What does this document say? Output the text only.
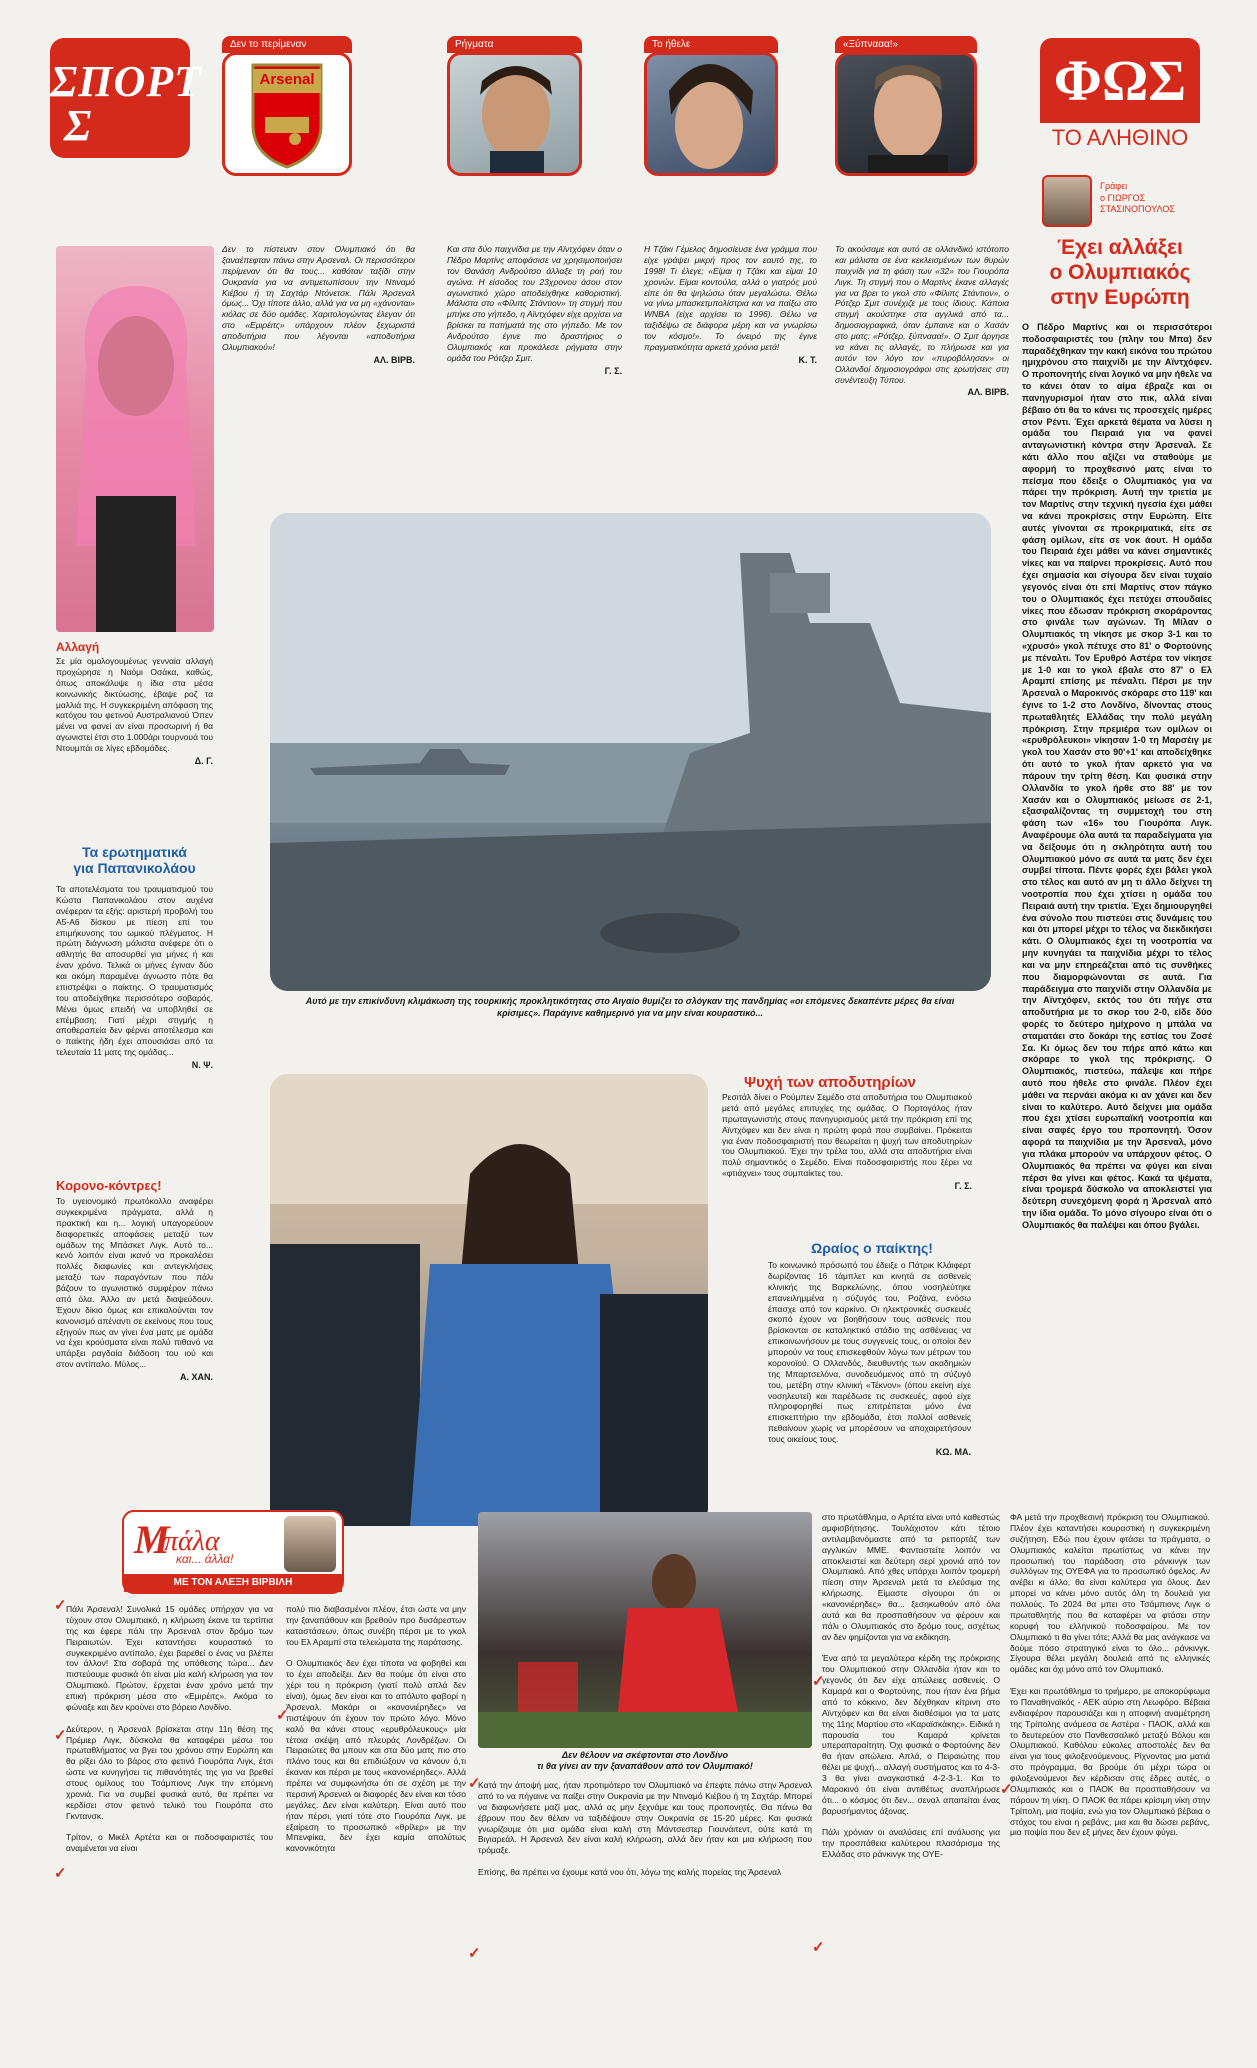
ΣΠΟΡΤ
Σ
Δεν το περίμεναν
Arsenal
Ρήγματα	Το ήθελε	«Ξύπνααα!»
ΦΩΣ
ΤΟ ΑΛΗΘΙΝΟ
Γράφει
ο ΓΙΩΡΓΟΣ
ΣΤΑΣΙΝΟΠΟΥΛΟΣ

Δεν το πίστευαν στον Ολυμπιακό ότι θα ξαναέπεφταν πάνω στην Αρσεναλ. Οι περισσότεροι περίμεναν ότι θα τους... καθόταν ταξίδι στην Ουκρανία για να αντιμετωπίσουν την Ντιναμό Κιέβου ή τη Σαχτάρ Ντόνετσκ. Πάλι Άρσεναλ όμως... Όχι τίποτε άλλο, αλλά για να μη «χάνονται» κιόλας σε δύο ομάδες. Χαριτολογώντας έλεγαν ότι στο «Εμιρέιτς» υπάρχουν πλέον ξεχωριστά αποδυτήρια που λέγονται «αποδυτήρια Ολυμπιακού»!

ΑΛ. ΒΙΡΒ.

Και στα δύο παιχνίδια με την Αϊντχόφεν όταν ο Πέδρο Μαρτίνς αποφάσισε να χρησιμοποιήσει τον Θανάση Ανδρούτσο άλλαξε τη ροή του αγώνα. Η είσοδος του 23χρονου άσου στον αγωνιστικό χώρο αποδείχθηκε καθοριστική. Μάλιστα στο «Φίλιπς Στάντιον» τη στιγμή που μπήκε στο γήπεδο, η Αϊντχόφεν είχε αρχίσει να βρίσκει τα πατήματά της στο γήπεδο. Με τον Ανδρούτσο έγινε πιο δραστήριος ο Ολυμπιακός και προκάλεσε ρήγματα στην ομάδα του Ρότζερ Σμιτ.

Γ. Σ.

Η Τζάκι Γέμελος δημοσίευσε ένα γράμμα που είχε γράψει μικρή προς τον εαυτό της, το 1998! Τι έλεγε; «Είμαι η Τζάκι και είμαι 10 χρονών. Είμαι κοντούλα, αλλά ο γιατρός μού είπε ότι θα ψηλώσω όταν μεγαλώσω. Θέλω να γίνω μπασκετμπολίστρια και να παίξω στο WNBA (είχε αρχίσει το 1996). Θέλω να ταξιδέψω σε διάφορα μέρη και να γνωρίσω τον κόσμο!». Το όνειρό της έγινε πραγματικότητα αρκετά χρόνια μετά!

Κ. Τ.

Το ακούσαμε και αυτό σε ολλανδικό ιστότοπο και μάλιστα σε ένα κεκλεισμένων των θυρών παιχνίδι για τη φάση των «32» του Γιουρόπα Λιγκ. Τη στιγμή που ο Μαρτίνς έκανε αλλαγές για να βρει το γκολ στο «Φίλιπς Στάντιον», ο Ρότζερ Σμιτ συνέχιζε με τους ίδιους. Κάποια στιγμή ακούστηκε στα αγγλικά από τα... δημοσιογραφικά, όταν έμπαινε και ο Χασάν στο ματς: «Ρότζερ, ξύπνααα!». Ο Σμιτ άργησε να κάνει τις αλλαγές, το πλήρωσε και για αυτόν τον λόγο τον «πυροβόλησαν» οι Ολλανδοί δημοσιογράφοι στις ερωτήσεις στη συνέντευξη Τύπου.

ΑΛ. ΒΙΡΒ.
Έχει αλλάξει
ο Ολυμπιακός
στην Ευρώπη
Ο Πέδρο Μαρτίνς και οι περισσότεροι ποδοσφαιριστές του (πλην του Μπα) δεν παραδέχθηκαν την κακή εικόνα του πρώτου ημιχρόνου στο παιχνίδι με την Αϊντχόφεν. Ο προπονητής είναι λογικό να μην ήθελε να το κάνει όταν το αίμα έβραζε και οι πανηγυρισμοί ήταν στο πικ, αλλά είναι βέβαιο ότι θα το κάνει τις προσεχείς ημέρες στον Ρέντι. Έχει αρκετά θέματα να λύσει η ομάδα του Πειραιά για να φανεί ανταγωνιστική κόντρα στην Άρσεναλ. Σε κάτι άλλο που αξίζει να σταθούμε με αφορμή το προχθεσινό ματς είναι το πείσμα που έδειξε ο Ολυμπιακός για να πάρει την πρόκριση. Αυτή την τριετία με τον Μαρτίνς στην τεχνική ηγεσία έχει μάθει να κάνει προκρίσεις στην Ευρώπη. Είτε αυτές γίνονται σε προκριματικά, είτε σε φάση ομίλων, είτε σε νοκ άουτ. Η ομάδα του Πειραιά έχει μάθει να κάνει σημαντικές νίκες και να παίρνει προκρίσεις. Αυτό που έχει σημασία και σίγουρα δεν είναι τυχαίο γεγονός είναι ότι επί Μαρτίνς στον πάγκο του ο Ολυμπιακός έχει πετύχει σπουδαίες νίκες που έδωσαν πρόκριση σκοράροντας στο φινάλε των αγώνων. Τη Μίλαν ο Ολυμπιακός τη νίκησε με σκορ 3-1 και το «χρυσό» γκολ πέτυχε στο 81' ο Φορτούνης με πέναλτι. Τον Ερυθρό Αστέρα τον νίκησε με 1-0 και το γκολ έβαλε στο 87' ο Ελ Αραμπί επίσης με πέναλτι. Πέρσι με την Άρσεναλ ο Μαροκινός σκόραρε στο 119' και έγινε το 1-2 στο Λονδίνο, δίνοντας στους πρωταθλητές Ελλάδας την πολύ μεγάλη πρόκριση. Στην πρεμιέρα των ομίλων οι «ερυθρόλευκοι» νίκησαν 1-0 τη Μαρσέιγ με γκολ του Χασάν στο 90'+1' και αποδείχθηκε ότι αυτό το γκολ ήταν αρκετό για να πάρουν την τρίτη θέση. Και φυσικά στην Ολλανδία το γκολ ήρθε στο 88' με τον Χασάν και ο Ολυμπιακός μείωσε σε 2-1, εξασφαλίζοντας τη συμμετοχή του στη φάση των «16» του Γιουρόπα Λιγκ. Αναφέρουμε όλα αυτά τα παραδείγματα για να δείξουμε ότι η σκληρότητα αυτή του Ολυμπιακού μόνο σε αυτά τα ματς δεν έχει συμβεί τίποτα. Πέντε φορές έχει βάλει γκολ στο τέλος και αυτό αν μη τι άλλο δείχνει τη νοοτροπία που έχει χτίσει η ομάδα του Πειραιά αυτή την τριετία. Έχει δημιουργηθεί ένα σύνολο που πιστεύει στις δυνάμεις του και ότι μπορεί μέχρι το τέλος να διεκδικήσει κάτι. Ο Ολυμπιακός έχει τη νοοτροπία να μην κυνηγάει τα παιχνίδια μέχρι το τέλος και να μην επηρεάζεται από τις συνθήκες που διαμορφώνονται σε αυτά. Για παράδειγμα στο παιχνίδι στην Ολλανδία με την Αϊντχόφεν, εκτός του ότι πήγε στα αποδυτήρια με το σκορ του 2-0, είδε δύο φορές το δεύτερο ημίχρονο η μπάλα να σταματάει στο δοκάρι της εστίας του Ζοσέ Σα. Κι όμως δεν του πήρε από κάτω και σκόραρε το γκολ της πρόκρισης. Ο Ολυμπιακός, πιστεύω, πάλεψε και πήρε αυτό που ήθελε στο φινάλε. Πλέον έχει μάθει να περνάει ακόμα κι αν χάνει και δεν είναι το καλύτερο. Αυτό δείχνει μια ομάδα που έχει χτίσει ευρωπαϊκή νοοτροπία και είναι σαφές έργο του προπονητή. Όσον αφορά τα παιχνίδια με την Άρσεναλ, μόνο για πλάκα μπορούν να υπάρχουν φέτος. Ο Ολυμπιακός θα πρέπει να φύγει και είναι πέρσι θα γίνει και φέτος. Κακά τα ψέματα, είναι τρομερά δύσκολο να αποκλειστεί για δεύτερη συνεχόμενη φορά η Άρσεναλ από την ίδια ομάδα. Το μόνο σίγουρο είναι ότι ο Ολυμπιακός θα παλέψει και όπου βγάλει.
Αλλαγή

Σε μία ομολογουμένως γενναία αλλαγή προχώρησε η Ναόμι Οσάκα, καθώς, όπως αποκάλυψε η ίδια στα μέσα κοινωνικής δικτύωσης, έβαψε ροζ τα μαλλιά της. Η συγκεκριμένη απόφαση της κατόχου του φετινού Αυστραλιανού Όπεν μένει να φανεί αν είναι προσωρινή ή θα αγωνιστεί έτσι στο 1.000άρι τουρνουά του Ντουμπάι σε λίγες εβδομάδες.

Δ. Γ.
Τα ερωτηματικά
για Παπανικολάου

Τα αποτελέσματα του τραυματισμού του Κώστα Παπανικολάου στον αυχένα ανέφεραν τα εξής: αριστερή προβολή του Α5-Α6 δίσκου με πίεση επί του επιμήκυνσης του ωμικού πλέγματος. Η πρώτη διάγνωση μάλιστα ανέφερε ότι ο αθλητής θα αποσυρθεί για μήνες ή και έναν χρόνο. Τελικά οι μήνες έγιναν δύο και ακόμη παραμένει άγνωστο πότε θα επιστρέψει ο παίκτης. Ο τραυματισμός του αποδείχθηκε περισσότερο σοβαρός. Μένει όμως επειδή να υποβληθεί σε επέμβαση; Γιατί μέχρι στιγμής η αποθεραπεία δεν φέρνει αποτέλεσμα και ο παίκτης ήδη έχει απουσιάσει από τα τελευταία 11 ματς της ομάδας...

Ν. Ψ.
Κορονο-κόντρες!

Το υγειονομικό πρωτόκολλο αναφέρει συγκεκριμένα πράγματα, αλλά η πρακτική και η... λογική υπαγορεύουν διαφορετικές αποφάσεις μεταξύ των ομάδων της Μπάσκετ Λιγκ. Αυτό το... κενό λοιπόν είναι ικανό να προκαλέσει πολλές διαφωνίες και αντεγκλήσεις μεταξύ των παραγόντων που πάλι βάζουν το αγωνιστικό συμφέρον πάνω από όλα. Άλλο αν μετά διαψεύδουν. Έχουν δίκιο όμως και επικαλούνται τον κανονισμό απέναντι σε εκείνους που τους εξηγούν πως αν γίνει ένα ματς με ομάδα να έχει κρούσματα είναι πολύ πιθανό να υπάρξει ραγδαία διάδοση του ιού και στον αντίπαλο. Μύλος...

Α. ΧΑΝ.
Αυτό με την επικίνδυνη κλιμάκωση της τουρκικής προκλητικότητας στο Αιγαίο θυμίζει το σλόγκαν της πανδημίας «οι επόμενες δεκαπέντε μέρες θα είναι κρίσιμες». Παράγινε καθημερινό για να μην είναι κουραστικό...
Ψυχή των αποδυτηρίων

Ρεσιτάλ δίνει ο Ρούμπεν Σεμέδο στα αποδυτήρια του Ολυμπιακού μετά από μεγάλες επιτυχίες της ομάδας. Ο Πορτογάλος ήταν πρωταγωνιστής στους πανηγυρισμούς μετά την πρόκριση επί της Αϊντχόφεν και δεν είναι η πρώτη φορά που συμβαίνει. Πρόκειται για έναν ποδοσφαιριστή που θεωρείται η ψυχή των αποδυτηρίων του Ολυμπιακού. Έχει την τρέλα του, αλλά στα αποδυτήρια είναι πολύ σημαντικός ο Σεμέδο. Είναι ποδοσφαιριστής που ξέρει να «φτιάχνει» τους συμπαίκτες του.

Γ. Σ.
Ωραίος ο παίκτης!

Το κοινωνικό πρόσωπό του έδειξε ο Πάτρικ Κλάιφερτ δωρίζοντας 16 τάμπλετ και κινητά σε ασθενείς κλινικής της Βαρκελώνης, όπου νοσηλεύτηκε επανειλημμένα η σύζυγός του, Ροζάνα, ενόσω έπασχε από τον καρκίνο. Οι ηλεκτρονικές συσκευές σκοπό έχουν να βοηθήσουν τους ασθενείς που βρίσκονται σε καταληκτικό στάδιο της ασθένειας να επικοινωνήσουν με τους συγγενείς τους, οι οποίοι δεν μπορούν να τους επισκεφθούν λόγω των μέτρων του κορονοϊού. Ο Ολλανδός, διευθυντής των ακαδημιών της Μπαρτσελόνα, συνοδευόμενος από τη σύζυγό του, μετέβη στην κλινική «Τέκνον» (όπου εκείνη είχε νοσηλευτεί) και παρέδωσε τις συσκευές, αφού είχε πληροφορηθεί πως επιτρέπεται μόνο ένα επισκεπτήριο την εβδομάδα, έτσι πολλοί ασθενείς πεθαίνουν χωρίς να μπορέσουν να αποχαιρετήσουν τους οικείους τους.

ΚΩ. ΜΑ.
Μ
πάλα
και... άλλα!
ΜΕ ΤΟΝ ΑΛΕΞΗ ΒΙΡΒΙΛΗ
Δεν θέλουν να σκέφτονται στο Λονδίνο
τι θα γίνει αν την ξαναπάθουν από τον Ολυμπιακό!
Πάλι Άρσεναλ! Συνολικά 15 ομάδες υπήρχαν για να τύχουν στον Ολυμπιακό, η κλήρωση έκανε τα τερτίπια της και έφερε πάλι την Άρσεναλ στον δρόμο των Πειραιωτών. Έχει καταντήσει κουραστικό το συγκεκριμένο αντίπαλο, έχει βαρεθεί ο ένας να βλέπει τον άλλον! Στα σοβαρά της υπόθεσης τώρα... Δεν πιστεύουμε φυσικά ότι είναι μία καλή κλήρωση για τον Ολυμπιακό. Πρώτον, έρχεται έναν χρόνο μετά την επική πρόκριση μέσα στο «Εμιρέιτς». Ακόμα το φώναξε και δεν κρούνει στο βόρειο Λονδίνο.

Δεύτερον, η Άρσεναλ βρίσκεται στην 11η θέση της Πρέμιερ Λιγκ, δύσκολα θα καταφέρει μέσω του πρωταθλήματος να βγει του χρόνου στην Ευρώπη και θα ρίξει όλο το βάρος στο φετινό Γιουρόπα Λιγκ, έτσι ώστε να κυνηγήσει τις πιθανότητές της για να βρεθεί στους ομίλους του Τσάμπιονς Λιγκ την επόμενη χρονιά. Για να συμβεί φυσικά αυτό, θα πρέπει να κερδίσει στον φετινό τελικό του Γιουρόπα στο Γκντανσκ.

Τρίτον, ο Μικέλ Αρτέτα και οι ποδοσφαιριστές του αναμένεται να είναι
πολύ πιο διαβασμένοι πλέον, έτσι ώστε να μην την ξαναπάθουν και βρεθούν προ δυσάρεστων καταστάσεων, όπως συνέβη πέρσι με το γκολ του Ελ Αραμπί στα τελειώματα της παράτασης.

Ο Ολυμπιακός δεν έχει τίποτα να φοβηθεί και το έχει αποδείξει. Δεν θα πούμε ότι είναι στο χέρι του η πρόκριση (γιατί πολύ απλά δεν είναι), όμως δεν είναι και το απόλυτο φαβορί η Άρσεναλ. Μακάρι οι «κανονιέρηδες» να πιστέψουν ότι έχουν τον πρώτο λόγο. Μόνο καλό θα κάνει στους «ερυθρόλευκους» μία τέτοια σκέψη από πλευράς Λονδρέζων. Οι Πειραιώτες θα μπουν και στα δύο ματς πιο στο πλάνο τους και θα επιδιώξουν να κάνουν ό,τι έκαναν και πέρσι με τους «κανονιέρηδες». Αλλά πρέπει να συμφωνήσω ότι σε σχέση με την περσινή Άρσεναλ οι διαφορές δεν είναι και τόσο μεγάλες. Δεν είναι καλύτερη. Είναι αυτό που ήταν πέρσι, γιατί τότε στο Γιουρόπα Λιγκ, με εξαίρεση το προσωπικό «θρίλερ» με την Μπενφίκα, δεν έχει καμία απολύτως κανονικότητα
Κατά την άποψή μας, ήταν προτιμότερο τον Ολυμπιακό να έπεφτε πάνω στην Άρσεναλ από το να πήγαινε να παίξει στην Ουκρανία με την Ντιναμό Κιέβου ή τη Σαχτάρ. Μπορεί να διαφωνήσετε μαζί μας, αλλά ας μην ξεχνάμε και τους προπονητές. Θα πάνω θα έβρουν που δεν θέλαν να ταξιδέψουν στην Ουκρανία σε 15-20 μέρες. Και φυσικά γνωρίζουμε ότι μια ομάδα είναι καλή στη Μάντσεστερ Γιουνάιτεντ, ούτε κατά τη Βιγιαρεάλ. Η Άρσεναλ δεν είναι καλή κλήρωση, αλλά δεν ήταν και μια κλήρωση που τρόμαξε.

Επίσης, θα πρέπει να έχουμε κατά νου ότι, λόγω της καλής πορείας της Άρσεναλ
στο πρωτάθλημα, ο Αρτέτα είναι υπό καθεστώς αμφισβήτησης. Τουλάχιστον κάτι τέτοιο αντιλαμβανόμαστε από τα ρεπορτάζ των αγγλικών ΜΜΕ. Φανταστείτε λοιπόν να αποκλειστεί και δεύτερη σερί χρονιά από τον Ολυμπιακό. Από χθες υπάρχει λοιπόν τρομερή πίεση στην Άρσεναλ μετά τα ελεύσιμα της κλήρωσης. Είμαστε σίγουροι ότι οι «κανονιέρηδες» θα... ξεσηκωθούν από όλα αυτά και θα προσπαθήσουν να φέρουν και πάλι ο Ολυμπιακός στο δρόμο τους, ασχέτως αν δεν φημίζονται για να εκδίκηση.

Ένα από τα μεγαλύτερα κέρδη της πρόκρισης του Ολυμπιακού στην Ολλανδία ήταν και το γεγονός ότι δεν είχε απώλειες ασθενείς. Ο Καμαρά και ο Φορτούνης, που ήταν ένα βήμα από το κόκκινο, δεν δέχθηκαν κίτρινη στο Αϊντχόφεν και θα είναι διαθέσιμοι για τα ματς της 11ης Μαρτίου στο «Καραϊσκάκης». Ειδικά η παρουσία του Καμαρά κρίνεται υπεραπαραίτητη. Όχι φυσικά ο Φορτούνης δεν θα ήταν απώλεια. Απλά, ο Πειραιώτης που θέλει με ψυχή... αλλαγή συστήματος και το 4-3-3 θα γίνει αναγκαστικά 4-2-3-1. Και το Μαροκινό ότι είναι αντιθέτως αναπλήρωσε ότι... ο κόσμος ότι δεν... σεναλ απαιτείται ένας βαρυσήμαντος άξονας.

Πάλι χρόνιαν οι αναλύσεις επί ανάλυσης για την προσπάθεια καλύτερου πλασάρισμα της Ελλάδας στο ράνκινγκ της ΟΥΕ-
ΦΑ μετά την προχθεσινή πρόκριση του Ολυμπιακού. Πλέον έχει καταντήσει κουραστική η συγκεκριμένη συζήτηση. Εδώ που έχουν φτάσει τα πράγματα, ο Ολυμπιακός καλείται πρωτίστως να κάνει την προσωπική του παράδοση στο ράνκινγκ των συλλόγων της ΟΥΕΦΑ για το προσωπικό όφελος. Αν ανέβει κι άλλο, θα είναι καλύτερα για όλους. Δεν μπορεί να κάνει μόνο αυτός όλη τη δουλειά για πολλούς. Το 2024 θα μπει στο Τσάμπιονς Λιγκ ο πρωταθλητής που θα καταφέρει να φτάσει στην κορυφή του ελληνικού ποδοσφαίρου. Με τον Ολυμπιακό τι θα γίνει τότε; Αλλά θα μας ανάγκασε να δούμε πόσο στρατηγικό είναι το όλο... ράνκινγκ. Σίγουρα θέλει μεγάλη δουλειά από τις ελληνικές ομάδες και όχι μόνο από τον Ολυμπιακό.

Έχει και πρωτάθλημα το τριήμερο, με αποκορύφωμα το Παναθηναϊκός - ΑΕΚ αύριο στη Λεωφόρο. Βέβαια ενδιαφέρον παρουσιάζει και η αποφινή αναμέτρηση της Τρίπολης ανάμεσα σε Αστέρα - ΠΑΟΚ, αλλά και το δευτερεύον στο Πανθεσσαλικό μεταξύ Βόλου και Ολυμπιακού. Καθόλου εύκολες αποστολές δεν θα είναι για τους φιλοξενούμενους. Ρίχνοντας μια ματιά στο πρόγραμμα, θα βρούμε ότι μέχρι τώρα οι φιλοξενούμενοι δεν κέρδισαν στις έδρες αυτές, ο Ολυμπιακός και ο ΠΑΟΚ θα προσπαθήσουν να πάρουν τη νίκη. Ο ΠΑΟΚ θα πάρει κρίσιμη νίκη στην Τρίπολη, μια ποψία, ενώ για τον Ολυμπιακό βέβαια ο στόχος του είναι η ρεβάνς, μια και θα δώσει ρεβάνς, μια ποψία που δεν εξ μήνες δεν έχουν φύγει.
✓
✓
✓
✓
✓
✓
✓
✓
✓
